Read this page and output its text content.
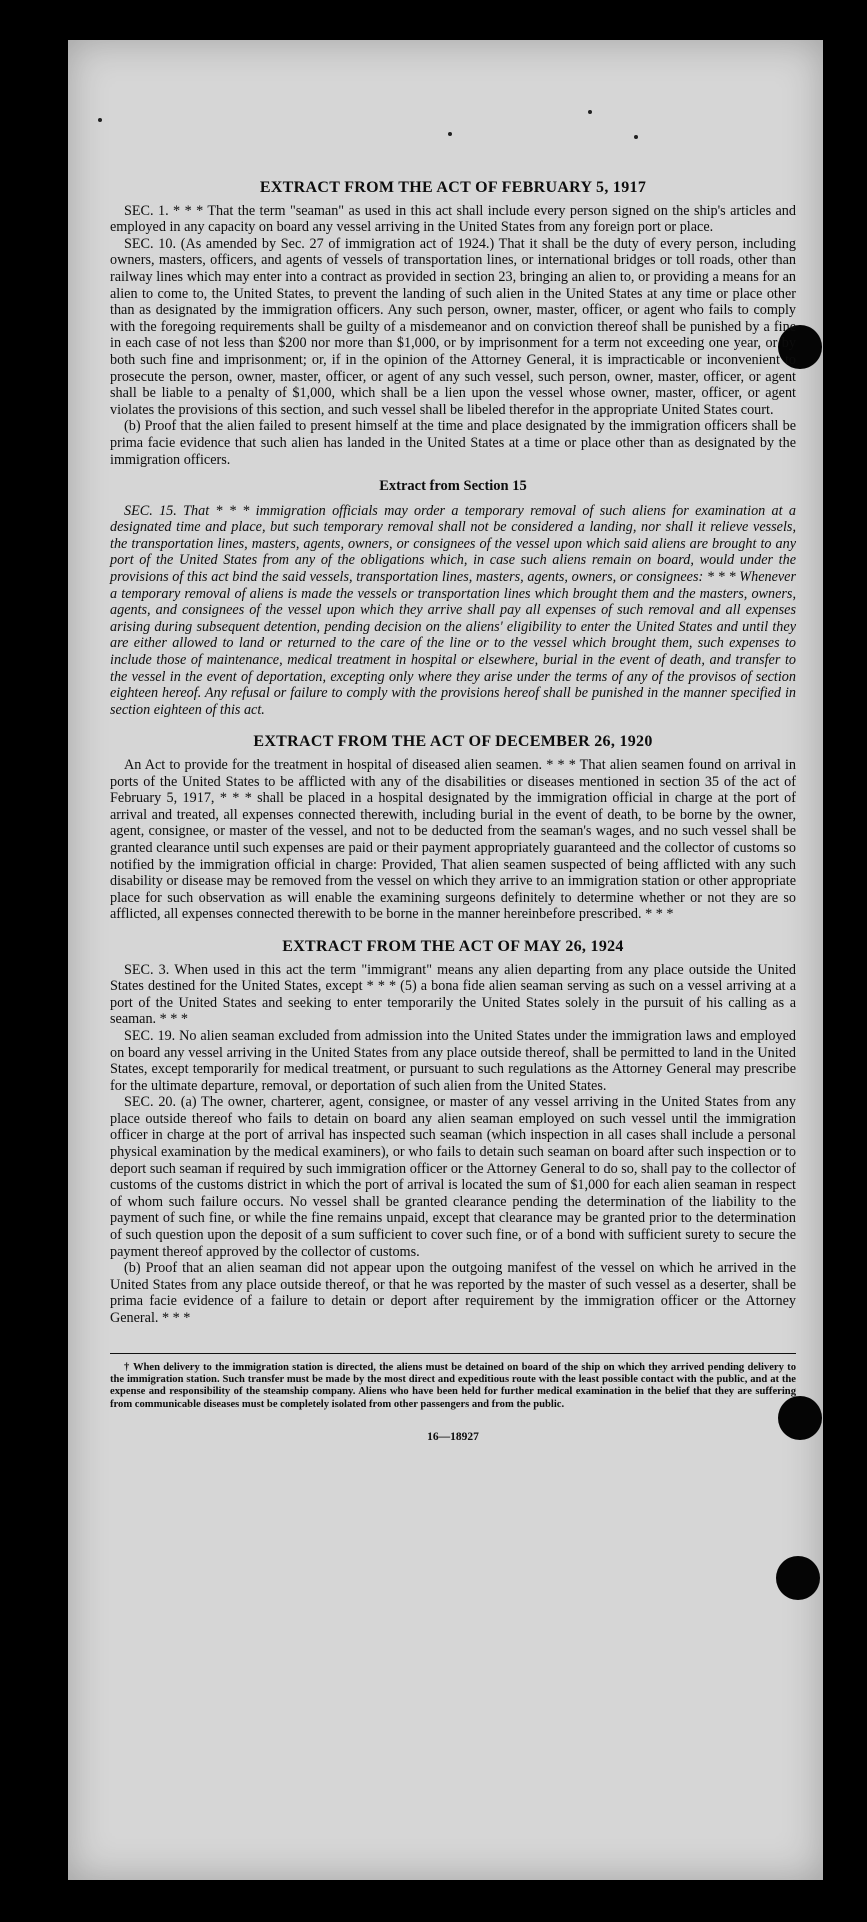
EXTRACT FROM THE ACT OF FEBRUARY 5, 1917

SEC. 1. * * * That the term "seaman" as used in this act shall include every person signed on the ship's articles and employed in any capacity on board any vessel arriving in the United States from any foreign port or place.

SEC. 10. (As amended by Sec. 27 of immigration act of 1924.) That it shall be the duty of every person, including owners, masters, officers, and agents of vessels of transportation lines, or international bridges or toll roads, other than railway lines which may enter into a contract as provided in section 23, bringing an alien to, or providing a means for an alien to come to, the United States, to prevent the landing of such alien in the United States at any time or place other than as designated by the immigration officers. Any such person, owner, master, officer, or agent who fails to comply with the foregoing requirements shall be guilty of a misdemeanor and on conviction thereof shall be punished by a fine in each case of not less than $200 nor more than $1,000, or by imprisonment for a term not exceeding one year, or by both such fine and imprisonment; or, if in the opinion of the Attorney General, it is impracticable or inconvenient to prosecute the person, owner, master, officer, or agent of any such vessel, such person, owner, master, officer, or agent shall be liable to a penalty of $1,000, which shall be a lien upon the vessel whose owner, master, officer, or agent violates the provisions of this section, and such vessel shall be libeled therefor in the appropriate United States court.

(b) Proof that the alien failed to present himself at the time and place designated by the immigration officers shall be prima facie evidence that such alien has landed in the United States at a time or place other than as designated by the immigration officers.

Extract from Section 15

SEC. 15. That * * * immigration officials may order a temporary removal of such aliens for examination at a designated time and place, but such temporary removal shall not be considered a landing, nor shall it relieve vessels, the transportation lines, masters, agents, owners, or consignees of the vessel upon which said aliens are brought to any port of the United States from any of the obligations which, in case such aliens remain on board, would under the provisions of this act bind the said vessels, transportation lines, masters, agents, owners, or consignees: * * * Whenever a temporary removal of aliens is made the vessels or transportation lines which brought them and the masters, owners, agents, and consignees of the vessel upon which they arrive shall pay all expenses of such removal and all expenses arising during subsequent detention, pending decision on the aliens' eligibility to enter the United States and until they are either allowed to land or returned to the care of the line or to the vessel which brought them, such expenses to include those of maintenance, medical treatment in hospital or elsewhere, burial in the event of death, and transfer to the vessel in the event of deportation, excepting only where they arise under the terms of any of the provisos of section eighteen hereof. Any refusal or failure to comply with the provisions hereof shall be punished in the manner specified in section eighteen of this act.

EXTRACT FROM THE ACT OF DECEMBER 26, 1920

An Act to provide for the treatment in hospital of diseased alien seamen. * * * That alien seamen found on arrival in ports of the United States to be afflicted with any of the disabilities or diseases mentioned in section 35 of the act of February 5, 1917, * * * shall be placed in a hospital designated by the immigration official in charge at the port of arrival and treated, all expenses connected therewith, including burial in the event of death, to be borne by the owner, agent, consignee, or master of the vessel, and not to be deducted from the seaman's wages, and no such vessel shall be granted clearance until such expenses are paid or their payment appropriately guaranteed and the collector of customs so notified by the immigration official in charge: Provided, That alien seamen suspected of being afflicted with any such disability or disease may be removed from the vessel on which they arrive to an immigration station or other appropriate place for such observation as will enable the examining surgeons definitely to determine whether or not they are so afflicted, all expenses connected therewith to be borne in the manner hereinbefore prescribed. * * *

EXTRACT FROM THE ACT OF MAY 26, 1924

SEC. 3. When used in this act the term "immigrant" means any alien departing from any place outside the United States destined for the United States, except * * * (5) a bona fide alien seaman serving as such on a vessel arriving at a port of the United States and seeking to enter temporarily the United States solely in the pursuit of his calling as a seaman. * * *

SEC. 19. No alien seaman excluded from admission into the United States under the immigration laws and employed on board any vessel arriving in the United States from any place outside thereof, shall be permitted to land in the United States, except temporarily for medical treatment, or pursuant to such regulations as the Attorney General may prescribe for the ultimate departure, removal, or deportation of such alien from the United States.

SEC. 20. (a) The owner, charterer, agent, consignee, or master of any vessel arriving in the United States from any place outside thereof who fails to detain on board any alien seaman employed on such vessel until the immigration officer in charge at the port of arrival has inspected such seaman (which inspection in all cases shall include a personal physical examination by the medical examiners), or who fails to detain such seaman on board after such inspection or to deport such seaman if required by such immigration officer or the Attorney General to do so, shall pay to the collector of customs of the customs district in which the port of arrival is located the sum of $1,000 for each alien seaman in respect of whom such failure occurs. No vessel shall be granted clearance pending the determination of the liability to the payment of such fine, or while the fine remains unpaid, except that clearance may be granted prior to the determination of such question upon the deposit of a sum sufficient to cover such fine, or of a bond with sufficient surety to secure the payment thereof approved by the collector of customs.

(b) Proof that an alien seaman did not appear upon the outgoing manifest of the vessel on which he arrived in the United States from any place outside thereof, or that he was reported by the master of such vessel as a deserter, shall be prima facie evidence of a failure to detain or deport after requirement by the immigration officer or the Attorney General. * * *

† When delivery to the immigration station is directed, the aliens must be detained on board of the ship on which they arrived pending delivery to the immigration station. Such transfer must be made by the most direct and expeditious route with the least possible contact with the public, and at the expense and responsibility of the steamship company. Aliens who have been held for further medical examination in the belief that they are suffering from communicable diseases must be completely isolated from other passengers and from the public.

16—18927
